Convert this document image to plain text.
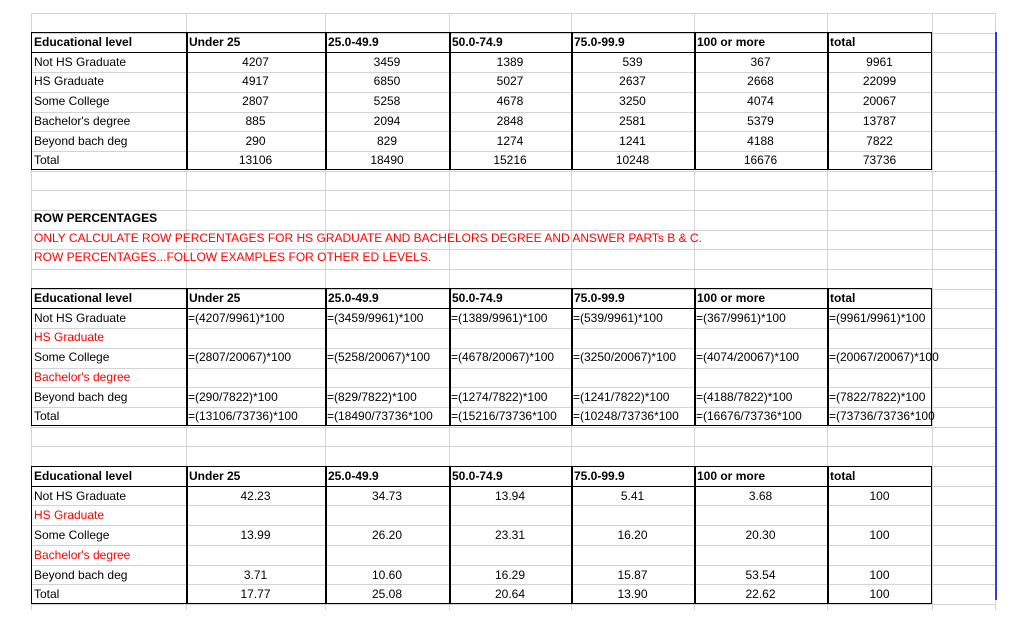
Educational level	Under 25	25.0-49.9	50.0-74.9	75.0-99.9	100 or more	total
Not HS Graduate	4207	3459	1389	539	367	9961
HS Graduate	4917	6850	5027	2637	2668	22099
Some College	2807	5258	4678	3250	4074	20067
Bachelor's degree	885	2094	2848	2581	5379	13787
Beyond bach deg	290	829	1274	1241	4188	7822
Total	13106	18490	15216	10248	16676	73736
Educational level	Under 25	25.0-49.9	50.0-74.9	75.0-99.9	100 or more	total
Not HS Graduate	=(4207/9961)*100	=(3459/9961)*100	=(1389/9961)*100	=(539/9961)*100	=(367/9961)*100	=(9961/9961)*100
HS Graduate
Some College	=(2807/20067)*100	=(5258/20067)*100	=(4678/20067)*100	=(3250/20067)*100	=(4074/20067)*100	=(20067/20067)*100
Bachelor's degree
Beyond bach deg	=(290/7822)*100	=(829/7822)*100	=(1274/7822)*100	=(1241/7822)*100	=(4188/7822)*100	=(7822/7822)*100
Total	=(13106/73736)*100	=(18490/73736*100	=(15216/73736*100	=(10248/73736*100	=(16676/73736*100	=(73736/73736*100
Educational level	Under 25	25.0-49.9	50.0-74.9	75.0-99.9	100 or more	total
Not HS Graduate	42.23	34.73	13.94	5.41	3.68	100
HS Graduate
Some College	13.99	26.20	23.31	16.20	20.30	100
Bachelor's degree
Beyond bach deg	3.71	10.60	16.29	15.87	53.54	100
Total	17.77	25.08	20.64	13.90	22.62	100
ROW PERCENTAGES
ONLY CALCULATE ROW PERCENTAGES FOR HS GRADUATE AND BACHELORS DEGREE AND ANSWER PARTs B & C.
ROW PERCENTAGES...FOLLOW EXAMPLES FOR OTHER ED LEVELS.
